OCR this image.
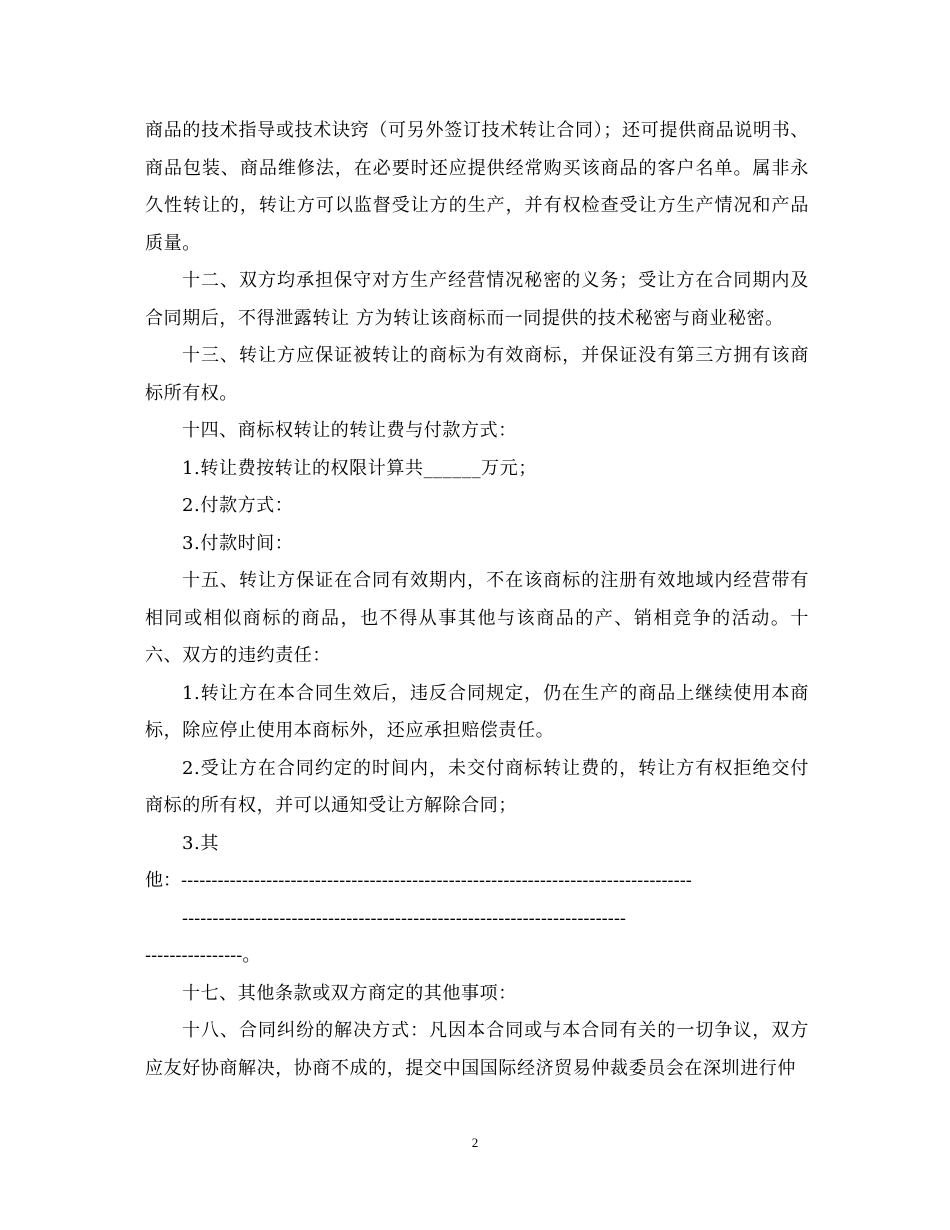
商品的技术指导或技术诀窍（可另外签订技术转让合同）；还可提供商品说明书、商品包装、商品维修法，在必要时还应提供经常购买该商品的客户名单。属非永久性转让的，转让方可以监督受让方的生产，并有权检查受让方生产情况和产品质量。

十二、双方均承担保守对方生产经营情况秘密的义务；受让方在合同期内及合同期后，不得泄露转让 方为转让该商标而一同提供的技术秘密与商业秘密。

十三、转让方应保证被转让的商标为有效商标，并保证没有第三方拥有该商标所有权。

十四、商标权转让的转让费与付款方式：

1.转让费按转让的权限计算共______万元；

2.付款方式：

3.付款时间：

十五、转让方保证在合同有效期内，不在该商标的注册有效地域内经营带有相同或相似商标的商品，也不得从事其他与该商品的产、销相竞争的活动。十六、双方的违约责任：

1.转让方在本合同生效后，违反合同规定，仍在生产的商品上继续使用本商标，除应停止使用本商标外，还应承担赔偿责任。

2.受让方在合同约定的时间内，未交付商标转让费的，转让方有权拒绝交付商标的所有权，并可以通知受让方解除合同；

3.其

他：------------------------------------------------------------------------------------

-------------------------------------------------------------------------

----------------。

十七、其他条款或双方商定的其他事项：

十八、合同纠纷的解决方式：凡因本合同或与本合同有关的一切争议，双方应友好协商解决，协商不成的，提交中国国际经济贸易仲裁委员会在深圳进行仲

2
